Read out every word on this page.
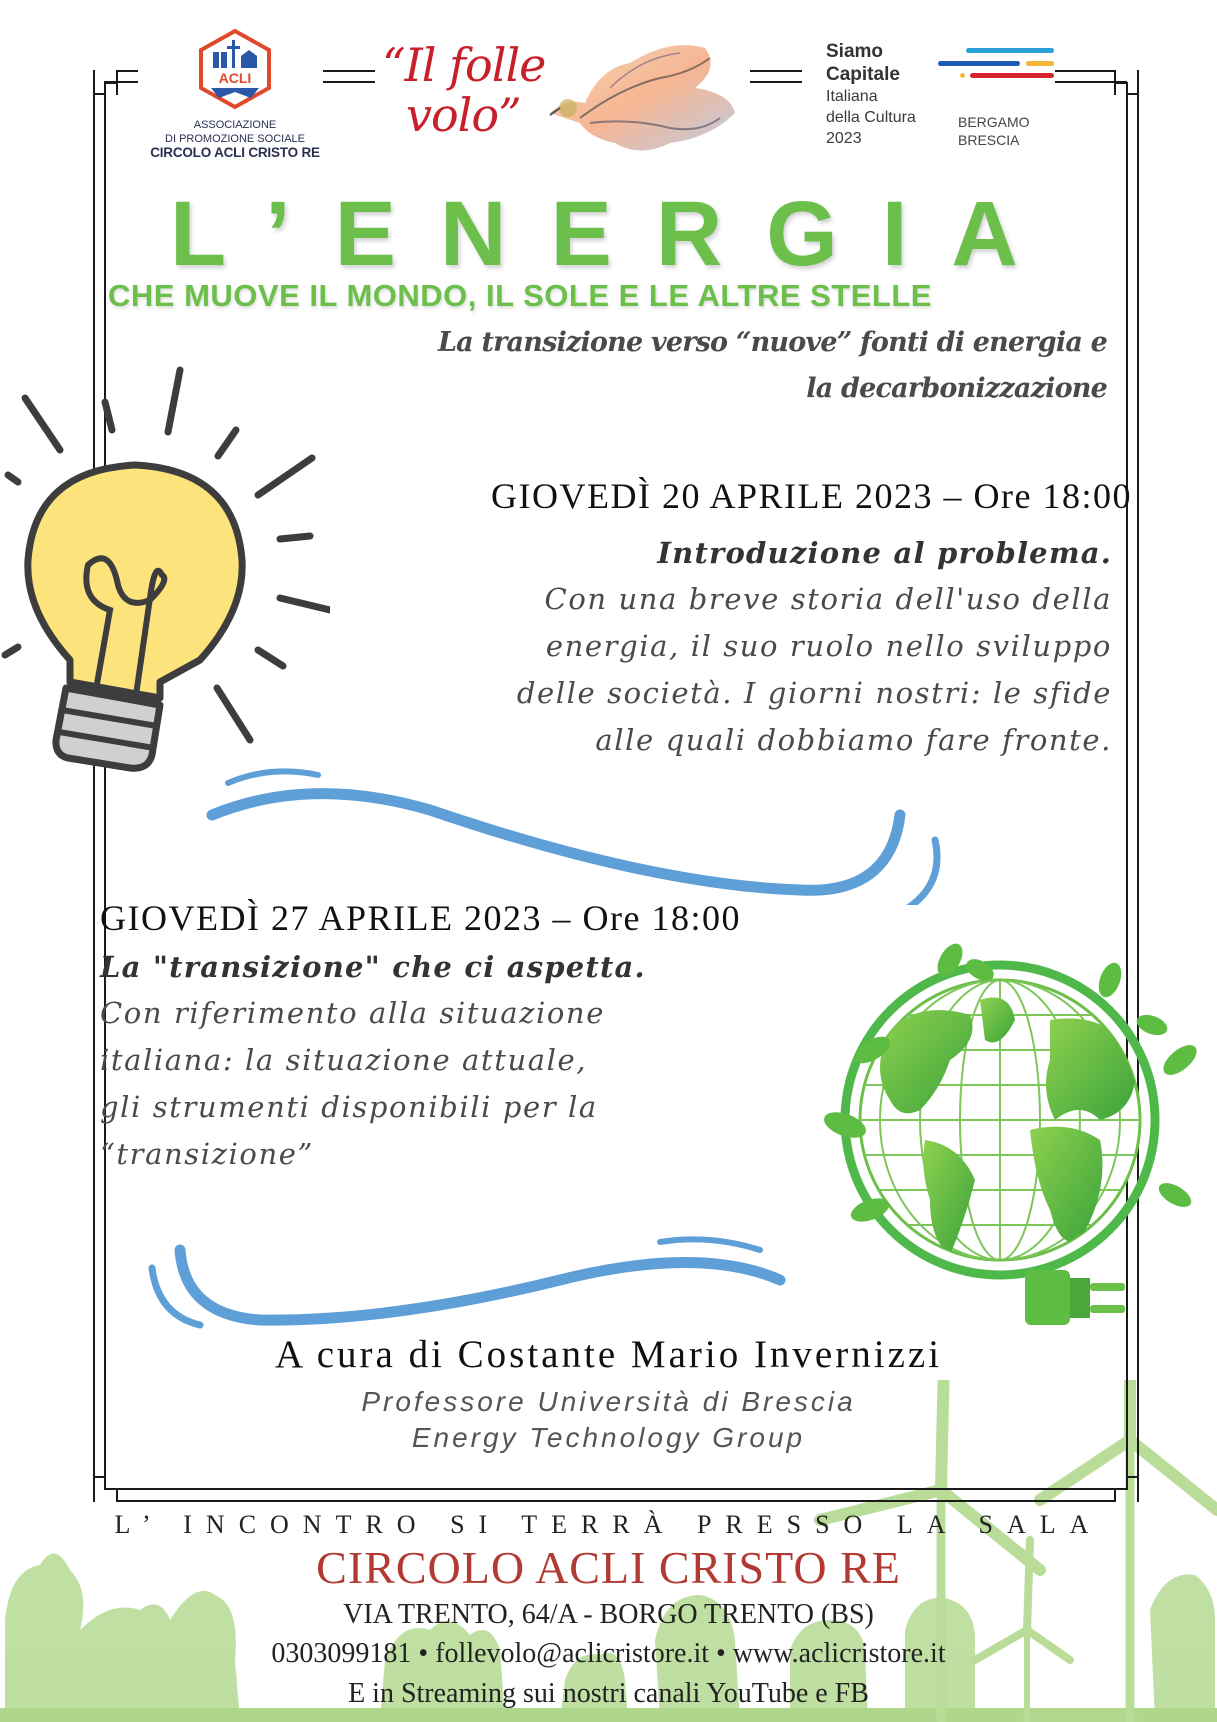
ACLI
ASSOCIAZIONE
DI PROMOZIONE SOCIALE
CIRCOLO ACLI CRISTO RE
“Il folle
volo”
Siamo
Capitale
Italiana
della Cultura
2023
BERGAMO
BRESCIA
L’ENERGIA
CHE MUOVE IL MONDO, IL SOLE E LE ALTRE STELLE
La transizione verso “nuove” fonti di energia e
la decarbonizzazione
GIOVEDÌ 20 APRILE 2023 – Ore 18:00
Introduzione al problema.
Con una breve storia dell'uso della
energia, il suo ruolo nello sviluppo
delle società. I giorni nostri: le sfide
alle quali dobbiamo fare fronte.
GIOVEDÌ 27 APRILE 2023 – Ore 18:00
La "transizione" che ci aspetta.
Con riferimento alla situazione
italiana: la situazione attuale,
gli strumenti disponibili per la
“transizione”
A cura di Costante Mario Invernizzi
Professore Università di Brescia
Energy Technology Group
L’ INCONTRO SI TERRÀ PRESSO LA SALA
CIRCOLO ACLI CRISTO RE
VIA TRENTO, 64/A - BORGO TRENTO (BS)
0303099181 • follevolo@aclicristore.it • www.aclicristore.it
E in Streaming sui nostri canali YouTube e FB
